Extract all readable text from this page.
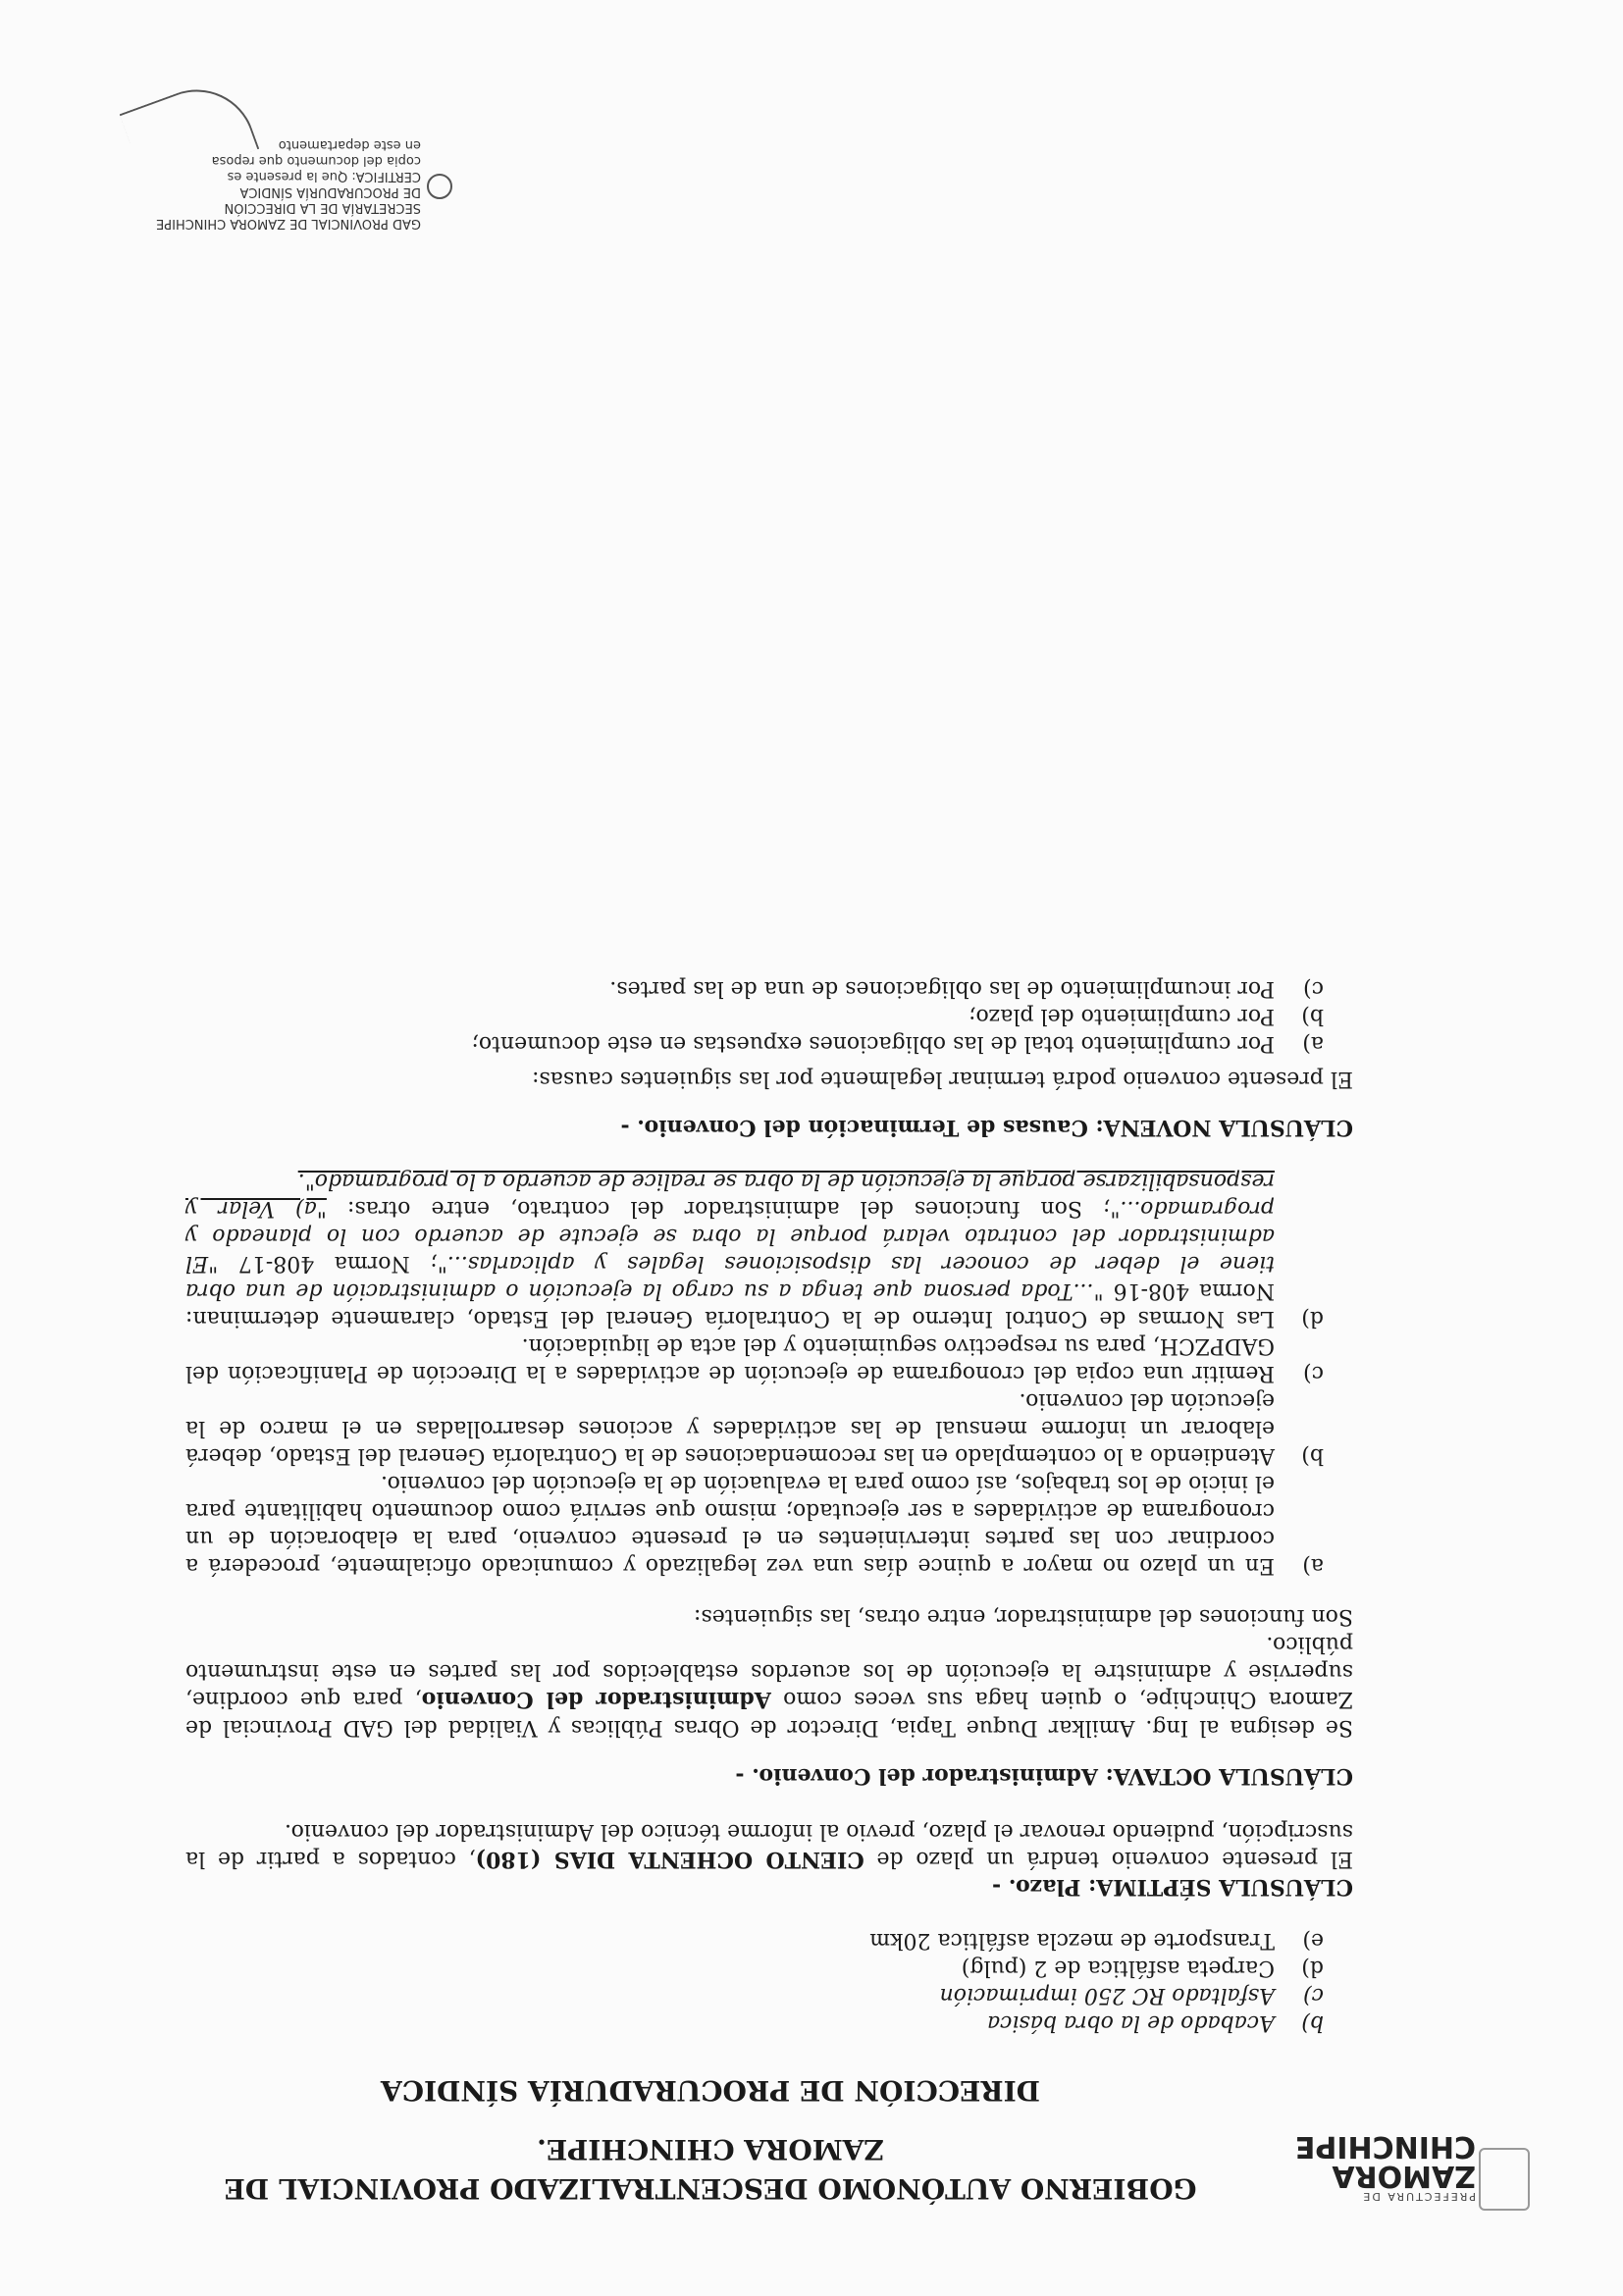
PREFECTURA DE
ZAMORA
CHINCHIPE
GOBIERNO AUTÓNOMO DESCENTRALIZADO PROVINCIAL DE
ZAMORA CHINCHIPE.
DIRECCIÓN DE PROCURADURÍA SÍNDICA

b)
Acabado de la obra básica

c)
Asfaltado RC 250 imprimación

d)
Carpeta asfáltica de 2 (pulg)

e)
Transporte de mezcla asfáltica 20km

CLÁUSULA SÉPTIMA: Plazo. -

El presente convenio tendrá un plazo de CIENTO OCHENTA DIAS (180), contados a partir de la suscripción, pudiendo renovar el plazo, previo al informe técnico del Administrador del convenio.

CLÁUSULA OCTAVA: Administrador del Convenio. -

Se designa al Ing. Amilkar Duque Tapia, Director de Obras Públicas y Vialidad del GAD Provincial de Zamora Chinchipe, o quien haga sus veces como Administrador del Convenio, para que coordine, supervise y administre la ejecución de los acuerdos establecidos por las partes en este instrumento público.

Son funciones del administrador, entre otras, las siguientes:

a)
En un plazo no mayor a quince días una vez legalizado y comunicado oficialmente, procederá a coordinar con las partes intervinientes en el presente convenio, para la elaboración de un cronograma de actividades a ser ejecutado; mismo que servirá como documento habilitante para el inicio de los trabajos, así como para la evaluación de la ejecución del convenio.

b)
Atendiendo a lo contemplado en las recomendaciones de la Contraloría General del Estado, deberá elaborar un informe mensual de las actividades y acciones desarrolladas en el marco de la ejecución del convenio.

c)
Remitir una copia del cronograma de ejecución de actividades a la Dirección de Planificación del GADPZCH, para su respectivo seguimiento y del acta de liquidación.

d)
Las Normas de Control Interno de la Contraloría General del Estado, claramente determinan: Norma 408-16 "...Toda persona que tenga a su cargo la ejecución o administración de una obra tiene el deber de conocer las disposiciones legales y aplicarlas..."; Norma 408-17 "El administrador del contrato velará porque la obra se ejecute de acuerdo con lo planeado y programado..."; Son funciones del administrador del contrato, entre otras: "a) Velar y responsabilizarse porque la ejecución de la obra se realice de acuerdo a lo programado".

CLÁUSULA NOVENA: Causas de Terminación del Convenio. -

El presente convenio podrá terminar legalmente por las siguientes causas:

a)
Por cumplimiento total de las obligaciones expuestas en este documento;

b)
Por cumplimiento del plazo;

c)
Por incumplimiento de las obligaciones de una de las partes.

GAD PROVINCIAL DE ZAMORA CHINCHIPE
SECRETARÍA DE LA DIRECCIÓN
DE PROCURADURÍA SÍNDICA
CERTIFICA: Que la presente es
copia del documento que reposa
en este departamento
